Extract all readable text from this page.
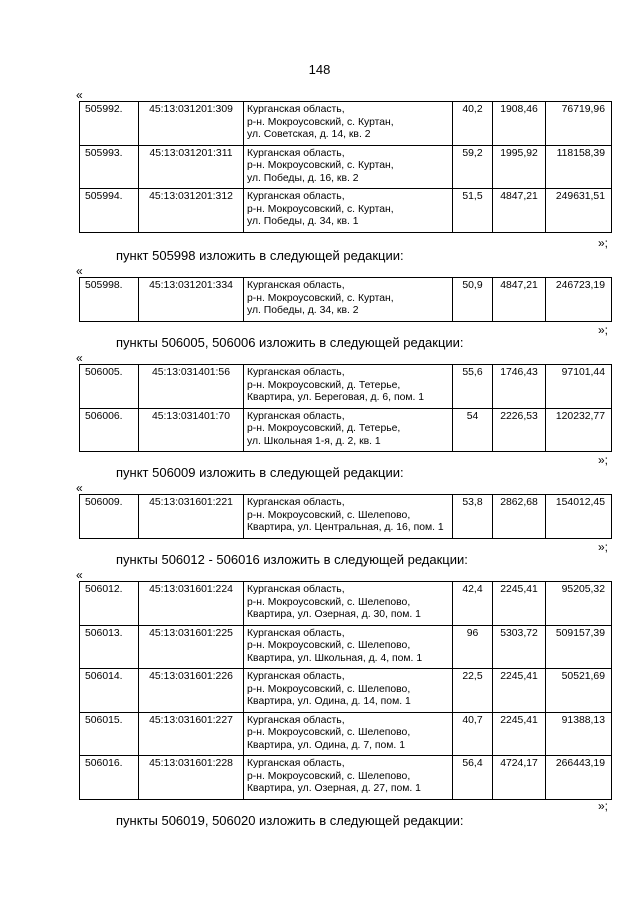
148
«
505992.	45:13:031201:309	Курганская область,
р-н. Мокроусовский, с. Куртан,
ул. Советская, д. 14, кв. 2	40,2	1908,46	76719,96
505993.	45:13:031201:311	Курганская область,
р-н. Мокроусовский, с. Куртан,
ул. Победы, д. 16, кв. 2	59,2	1995,92	118158,39
505994.	45:13:031201:312	Курганская область,
р-н. Мокроусовский, с. Куртан,
ул. Победы, д. 34, кв. 1	51,5	4847,21	249631,51
»;
пункт 505998 изложить в следующей редакции:
«
505998.	45:13:031201:334	Курганская область,
р-н. Мокроусовский, с. Куртан,
ул. Победы, д. 34, кв. 2
	50,9	4847,21	246723,19
»;
пункты 506005, 506006 изложить в следующей редакции:
«
506005.	45:13:031401:56	Курганская область,
р-н. Мокроусовский, д. Тетерье,
Квартира, ул. Береговая, д. 6, пом. 1	55,6	1746,43	97101,44
506006.	45:13:031401:70	Курганская область,
р-н. Мокроусовский, д. Тетерье,
ул. Школьная 1-я, д. 2, кв. 1	54	2226,53	120232,77
»;
пункт 506009 изложить в следующей редакции:
«
506009.	45:13:031601:221	Курганская область,
р-н. Мокроусовский, с. Шелепово,
Квартира, ул. Центральная, д. 16, пом. 1
	53,8	2862,68	154012,45
»;
пункты 506012 - 506016 изложить в следующей редакции:
«
506012.	45:13:031601:224	Курганская область,
р-н. Мокроусовский, с. Шелепово,
Квартира, ул. Озерная, д. 30, пом. 1	42,4	2245,41	95205,32
506013.	45:13:031601:225	Курганская область,
р-н. Мокроусовский, с. Шелепово,
Квартира, ул. Школьная, д. 4, пом. 1	96	5303,72	509157,39
506014.	45:13:031601:226	Курганская область,
р-н. Мокроусовский, с. Шелепово,
Квартира, ул. Одина, д. 14, пом. 1	22,5	2245,41	50521,69
506015.	45:13:031601:227	Курганская область,
р-н. Мокроусовский, с. Шелепово,
Квартира, ул. Одина, д. 7, пом. 1	40,7	2245,41	91388,13
506016.	45:13:031601:228	Курганская область,
р-н. Мокроусовский, с. Шелепово,
Квартира, ул. Озерная, д. 27, пом. 1	56,4	4724,17	266443,19
»;
пункты 506019, 506020 изложить в следующей редакции:
